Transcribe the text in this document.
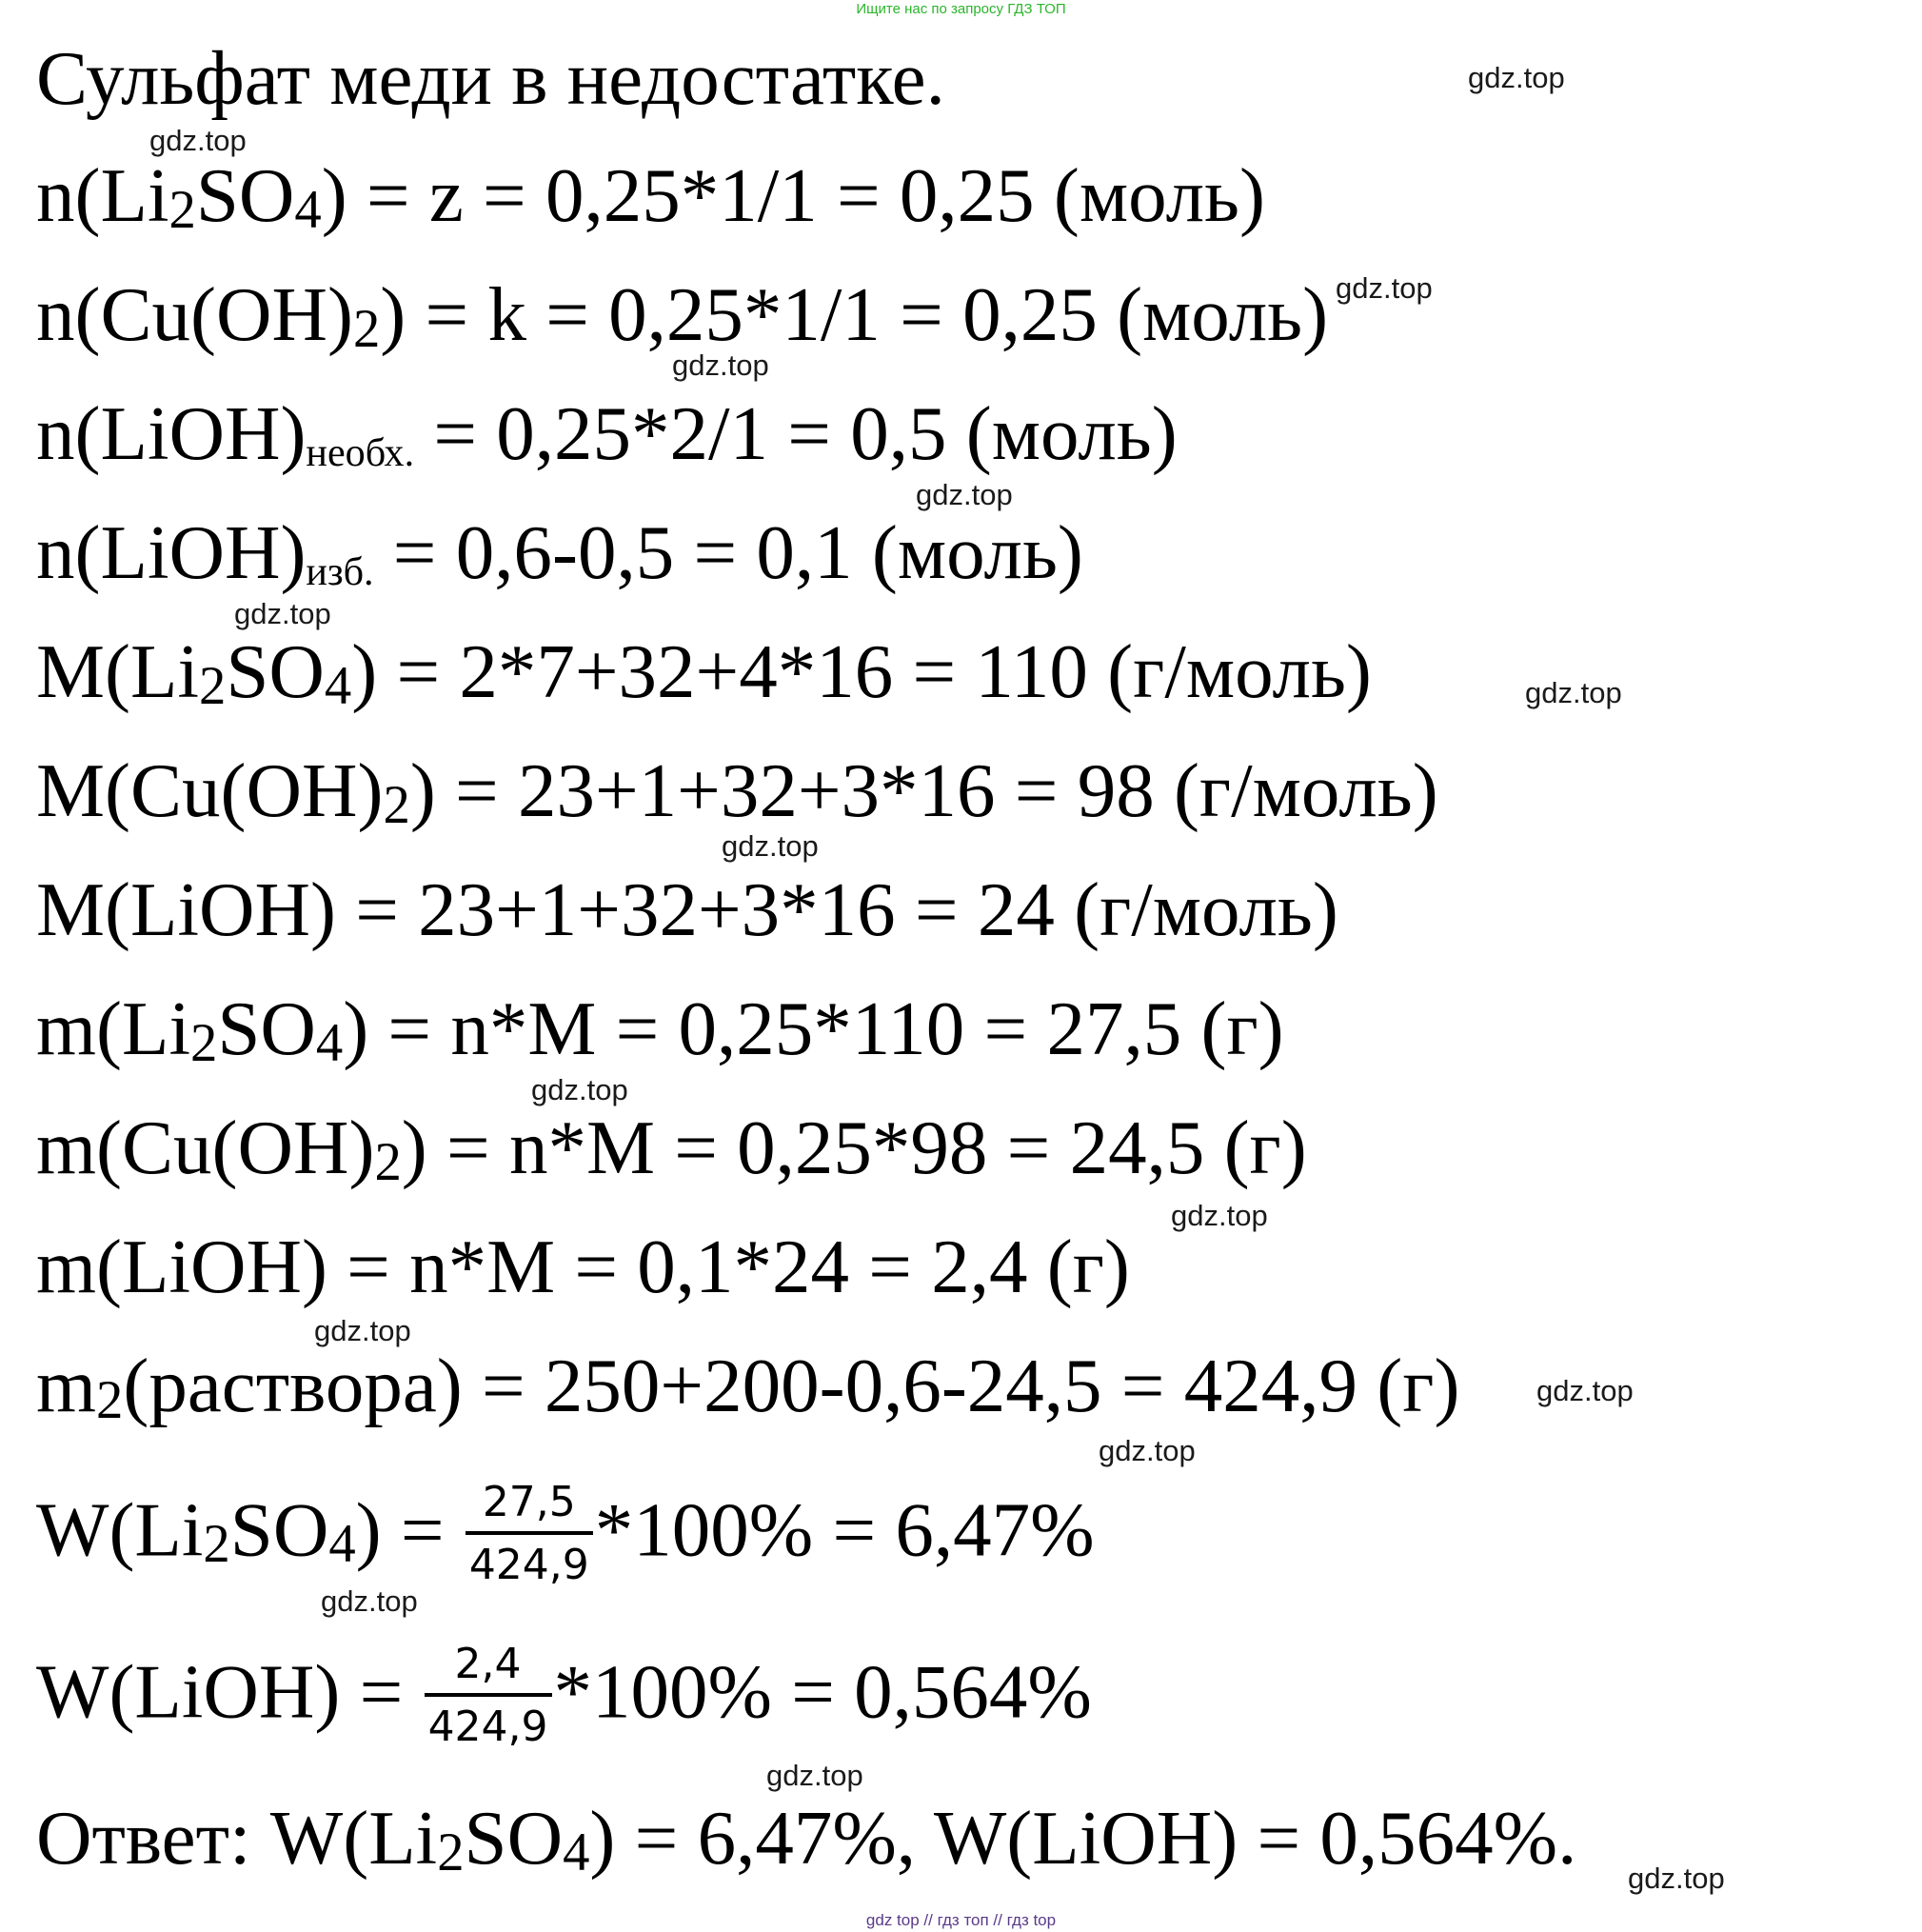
Ищите нас по запросу ГДЗ ТОП
Сульфат меди в недостатке.
$n(Li_2SO_4) = z = 0,25*1/1 = 0,25$ (моль)
$n(Cu(OH)_2) = k = 0,25*1/1 = 0,25$ (моль)
n(LiOH)необх. = 0,25*2/1 = 0,5 (моль)
n(LiOH)изб. = 0,6-0,5 = 0,1 (моль)
$M(Li_2SO_4) = 2*7+32+4*16 = 110$ (г/моль)
$M(Cu(OH)_2) = 23+1+32+3*16 = 98$ (г/моль)
M(LiOH) = 23+1+32+3*16 = 24 (г/моль)
$m(Li_2SO_4) = n*M = 0,25*110 = 27,5$ (г)
$m(Cu(OH)_2) = n*M = 0,25*98 = 24,5$ (г)
m(LiOH) = n*M = 0,1*24 = 2,4 (г)
$m_2(раствора) = 250+200-0,6-24,5 = 424,9$ (г)
$W(Li_2SO_4) = \frac{27,5}{424,9} *100\% = 6,47\%$
W(LiOH) = $\frac{2,4}{424,9} *100\% = 0,564\%$
Ответ: $W(Li_2SO_4) = 6,47\%$, W(LiOH) = 0,564%.
gdz.top
gdz.top
gdz.top
gdz.top
gdz.top
gdz.top
gdz.top
gdz.top
gdz.top
gdz.top
gdz.top
gdz.top
gdz.top
gdz.top
gdz.top
gdz.top
gdz top // гдз топ // гдз top
